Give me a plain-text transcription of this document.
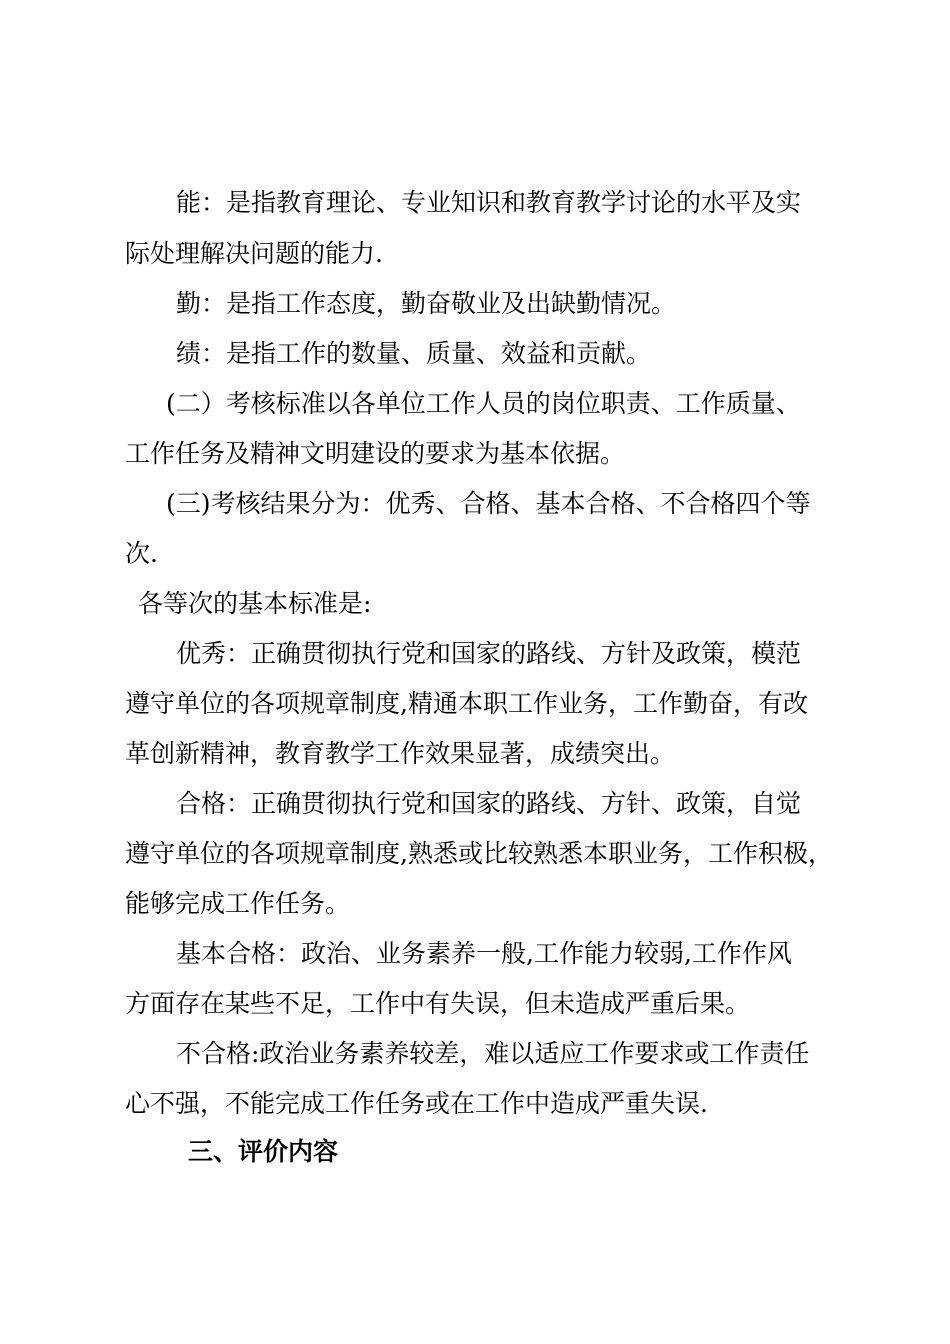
能：是指教育理论、专业知识和教育教学讨论的水平及实
际处理解决问题的能力.
勤：是指工作态度，勤奋敬业及出缺勤情况。
绩：是指工作的数量、质量、效益和贡献。
(二）考核标准以各单位工作人员的岗位职责、工作质量、
工作任务及精神文明建设的要求为基本依据。
(三)考核结果分为：优秀、合格、基本合格、不合格四个等
次.
各等次的基本标准是:
优秀：正确贯彻执行党和国家的路线、方针及政策，模范
遵守单位的各项规章制度,精通本职工作业务，工作勤奋，有改
革创新精神，教育教学工作效果显著，成绩突出。
合格：正确贯彻执行党和国家的路线、方针、政策，自觉
遵守单位的各项规章制度,熟悉或比较熟悉本职业务，工作积极，
能够完成工作任务。
基本合格：政治、业务素养一般,工作能力较弱,工作作风
方面存在某些不足，工作中有失误，但未造成严重后果。
不合格:政治业务素养较差，难以适应工作要求或工作责任
心不强，不能完成工作任务或在工作中造成严重失误.
三、评价内容
